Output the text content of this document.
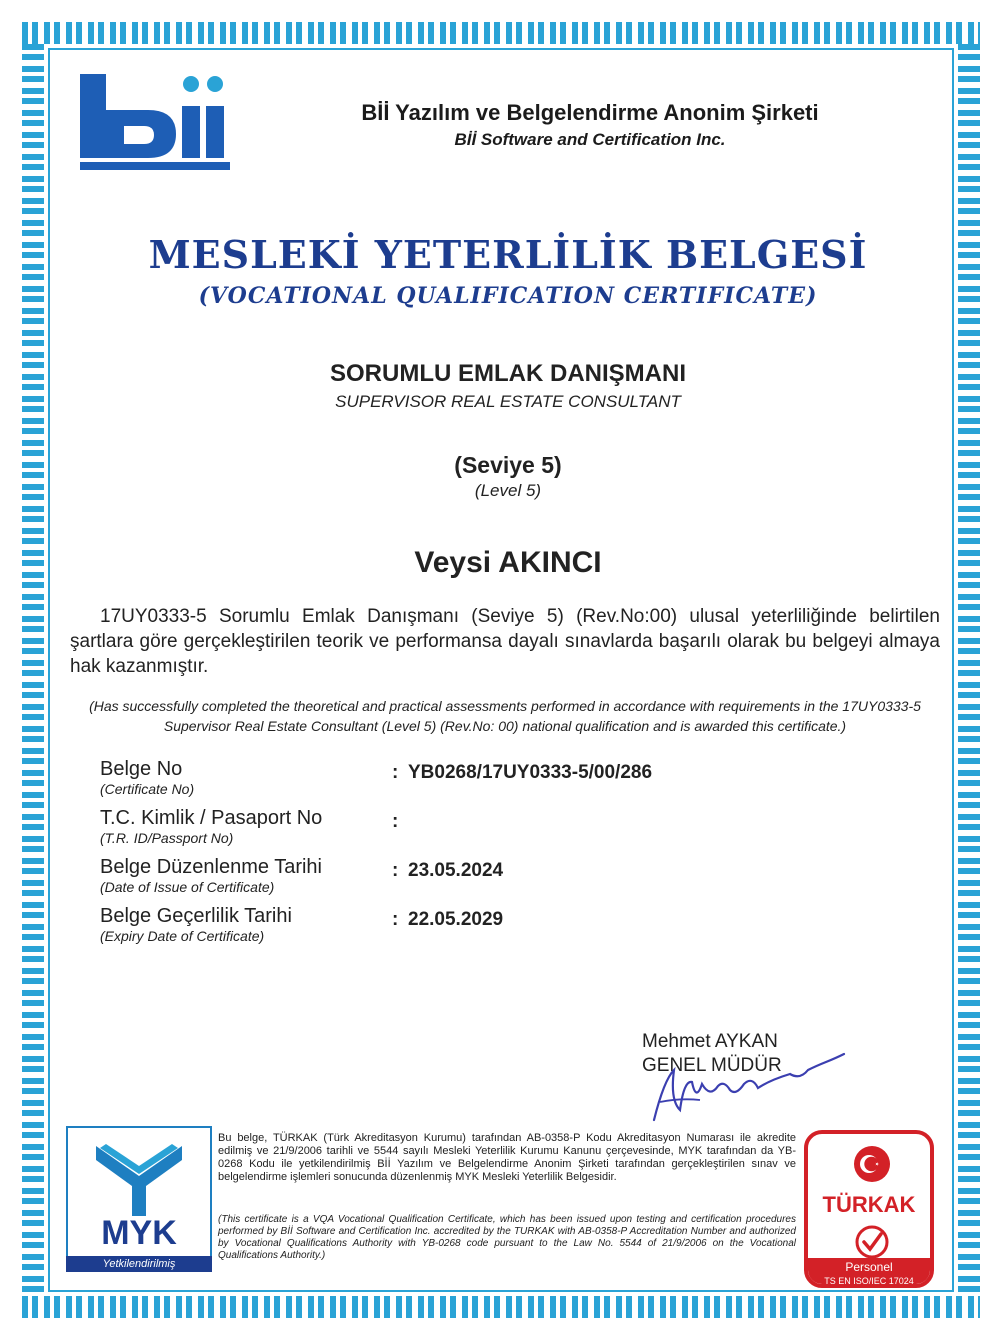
Bİİ Yazılım ve Belgelendirme Anonim Şirketi
Bİİ Software and Certification Inc.
MESLEKİ YETERLİLİK BELGESİ
(VOCATIONAL QUALIFICATION CERTIFICATE)
SORUMLU EMLAK DANIŞMANI
SUPERVISOR REAL ESTATE CONSULTANT
(Seviye 5)
(Level 5)
Veysi AKINCI
17UY0333-5 Sorumlu Emlak Danışmanı (Seviye 5) (Rev.No:00) ulusal yeterliliğinde belirtilen şartlara göre gerçekleştirilen teorik ve performansa dayalı sınavlarda başarılı olarak bu belgeyi almaya hak kazanmıştır.
(Has successfully completed the theoretical and practical assessments performed in accordance with requirements in the 17UY0333-5 Supervisor Real Estate Consultant (Level 5) (Rev.No: 00) national qualification and is awarded this certificate.)
Belge No
(Certificate No)
: YB0268/17UY0333-5/00/286
T.C. Kimlik / Pasaport No
(T.R. ID/Passport No)
:
Belge Düzenlenme Tarihi
(Date of Issue of Certificate)
: 23.05.2024
Belge Geçerlilik Tarihi
(Expiry Date of Certificate)
: 22.05.2029
Mehmet AYKAN
GENEL MÜDÜR
MYK
Yetkilendirilmiş
Bu belge, TÜRKAK (Türk Akreditasyon Kurumu) tarafından AB-0358-P Kodu Akreditasyon Numarası ile akredite edilmiş ve 21/9/2006 tarihli ve 5544 sayılı Mesleki Yeterlilik Kurumu Kanunu çerçevesinde, MYK tarafından da YB-0268 Kodu ile yetkilendirilmiş Bİİ Yazılım ve Belgelendirme Anonim Şirketi tarafından gerçekleştirilen sınav ve belgelendirme işlemleri sonucunda düzenlenmiş MYK Mesleki Yeterlilik Belgesidir.
(This certificate is a VQA Vocational Qualification Certificate, which has been issued upon testing and certification procedures performed by Bİİ Software and Certification Inc. accredited by the TURKAK with AB-0358-P Accreditation Number and authorized by Vocational Qualifications Authority with YB-0268 code pursuant to the Law No. 5544 of 21/9/2006 on the Vocational Qualifications Authority.)
TÜRKAK
Personel
TS EN ISO/IEC 17024
